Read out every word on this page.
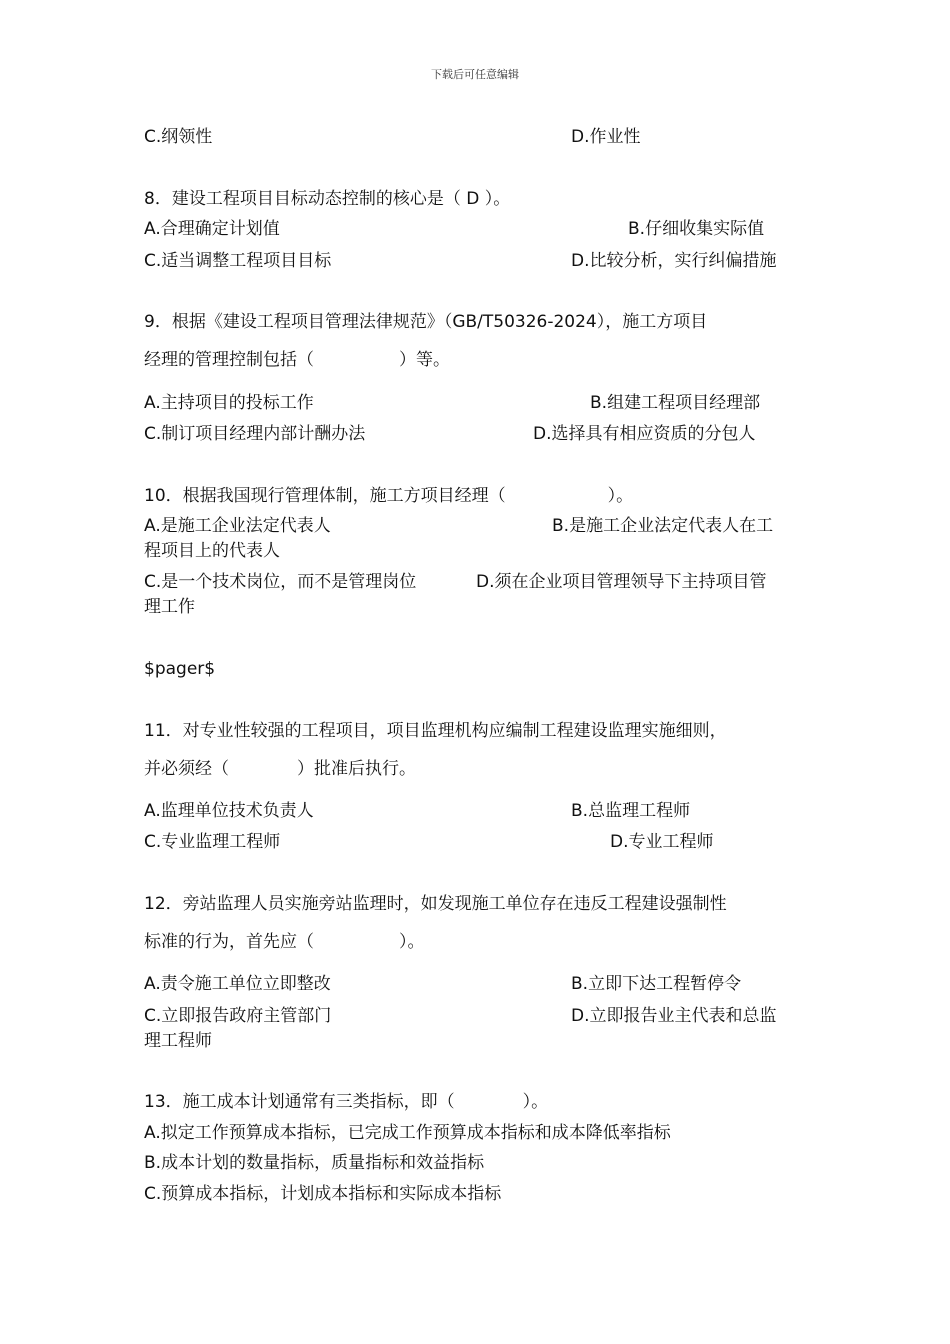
下载后可任意编辑
C.纲领性	D.作业性
8．建设工程项目目标动态控制的核心是（ D ）。
A.合理确定计划值	B.仔细收集实际值
C.适当调整工程项目目标	D.比较分析，实行纠偏措施
9．根据《建设工程项目管理法律规范》（GB/T50326-2024），施工方项目
经理的管理控制包括（　　　　　）等。
A.主持项目的投标工作	B.组建工程项目经理部
C.制订项目经理内部计酬办法	D.选择具有相应资质的分包人
10．根据我国现行管理体制，施工方项目经理（　　　　　　）。
A.是施工企业法定代表人	B.是施工企业法定代表人在工
程项目上的代表人
C.是一个技术岗位，而不是管理岗位	D.须在企业项目管理领导下主持项目管
理工作
$pager$
11．对专业性较强的工程项目，项目监理机构应编制工程建设监理实施细则，
并必须经（　　　　）批准后执行。
A.监理单位技术负责人	B.总监理工程师
C.专业监理工程师	D.专业工程师
12．旁站监理人员实施旁站监理时，如发现施工单位存在违反工程建设强制性
标准的行为，首先应（　　　　　）。
A.责令施工单位立即整改	B.立即下达工程暂停令
C.立即报告政府主管部门	D.立即报告业主代表和总监
理工程师
13．施工成本计划通常有三类指标，即（　　　　）。
A.拟定工作预算成本指标，已完成工作预算成本指标和成本降低率指标
B.成本计划的数量指标，质量指标和效益指标
C.预算成本指标，计划成本指标和实际成本指标
